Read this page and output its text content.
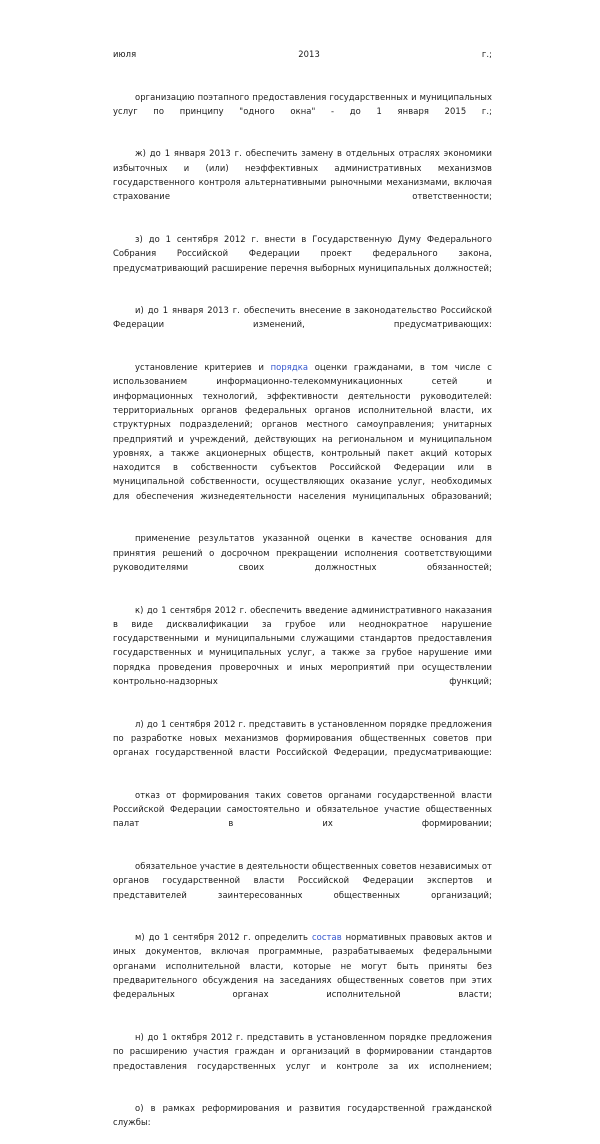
июля 2013 г.;

организацию поэтапного предоставления государственных и муниципальных услуг по принципу "одного окна" - до 1 января 2015 г.;

ж) до 1 января 2013 г. обеспечить замену в отдельных отраслях экономики избыточных и (или) неэффективных административных механизмов государственного контроля альтернативными рыночными механизмами, включая страхование ответственности;

з) до 1 сентября 2012 г. внести в Государственную Думу Федерального Собрания Российской Федерации проект федерального закона, предусматривающий расширение перечня выборных муниципальных должностей;

и) до 1 января 2013 г. обеспечить внесение в законодательство Российской Федерации изменений, предусматривающих:

установление критериев и порядка оценки гражданами, в том числе с использованием информационно-телекоммуникационных сетей и информационных технологий, эффективности деятельности руководителей: территориальных органов федеральных органов исполнительной власти, их структурных подразделений; органов местного самоуправления; унитарных предприятий и учреждений, действующих на региональном и муниципальном уровнях, а также акционерных обществ, контрольный пакет акций которых находится в собственности субъектов Российской Федерации или в муниципальной собственности, осуществляющих оказание услуг, необходимых для обеспечения жизнедеятельности населения муниципальных образований;

применение результатов указанной оценки в качестве основания для принятия решений о досрочном прекращении исполнения соответствующими руководителями своих должностных обязанностей;

к) до 1 сентября 2012 г. обеспечить введение административного наказания в виде дисквалификации за грубое или неоднократное нарушение государственными и муниципальными служащими стандартов предоставления государственных и муниципальных услуг, а также за грубое нарушение ими порядка проведения проверочных и иных мероприятий при осуществлении контрольно-надзорных функций;

л) до 1 сентября 2012 г. представить в установленном порядке предложения по разработке новых механизмов формирования общественных советов при органах государственной власти Российской Федерации, предусматривающие:

отказ от формирования таких советов органами государственной власти Российской Федерации самостоятельно и обязательное участие общественных палат в их формировании;

обязательное участие в деятельности общественных советов независимых от органов государственной власти Российской Федерации экспертов и представителей заинтересованных общественных организаций;

м) до 1 сентября 2012 г. определить состав нормативных правовых актов и иных документов, включая программные, разрабатываемых федеральными органами исполнительной власти, которые не могут быть приняты без предварительного обсуждения на заседаниях общественных советов при этих федеральных органах исполнительной власти;

н) до 1 октября 2012 г. представить в установленном порядке предложения по расширению участия граждан и организаций в формировании стандартов предоставления государственных услуг и контроле за их исполнением;

о) в рамках реформирования и развития государственной гражданской службы:
